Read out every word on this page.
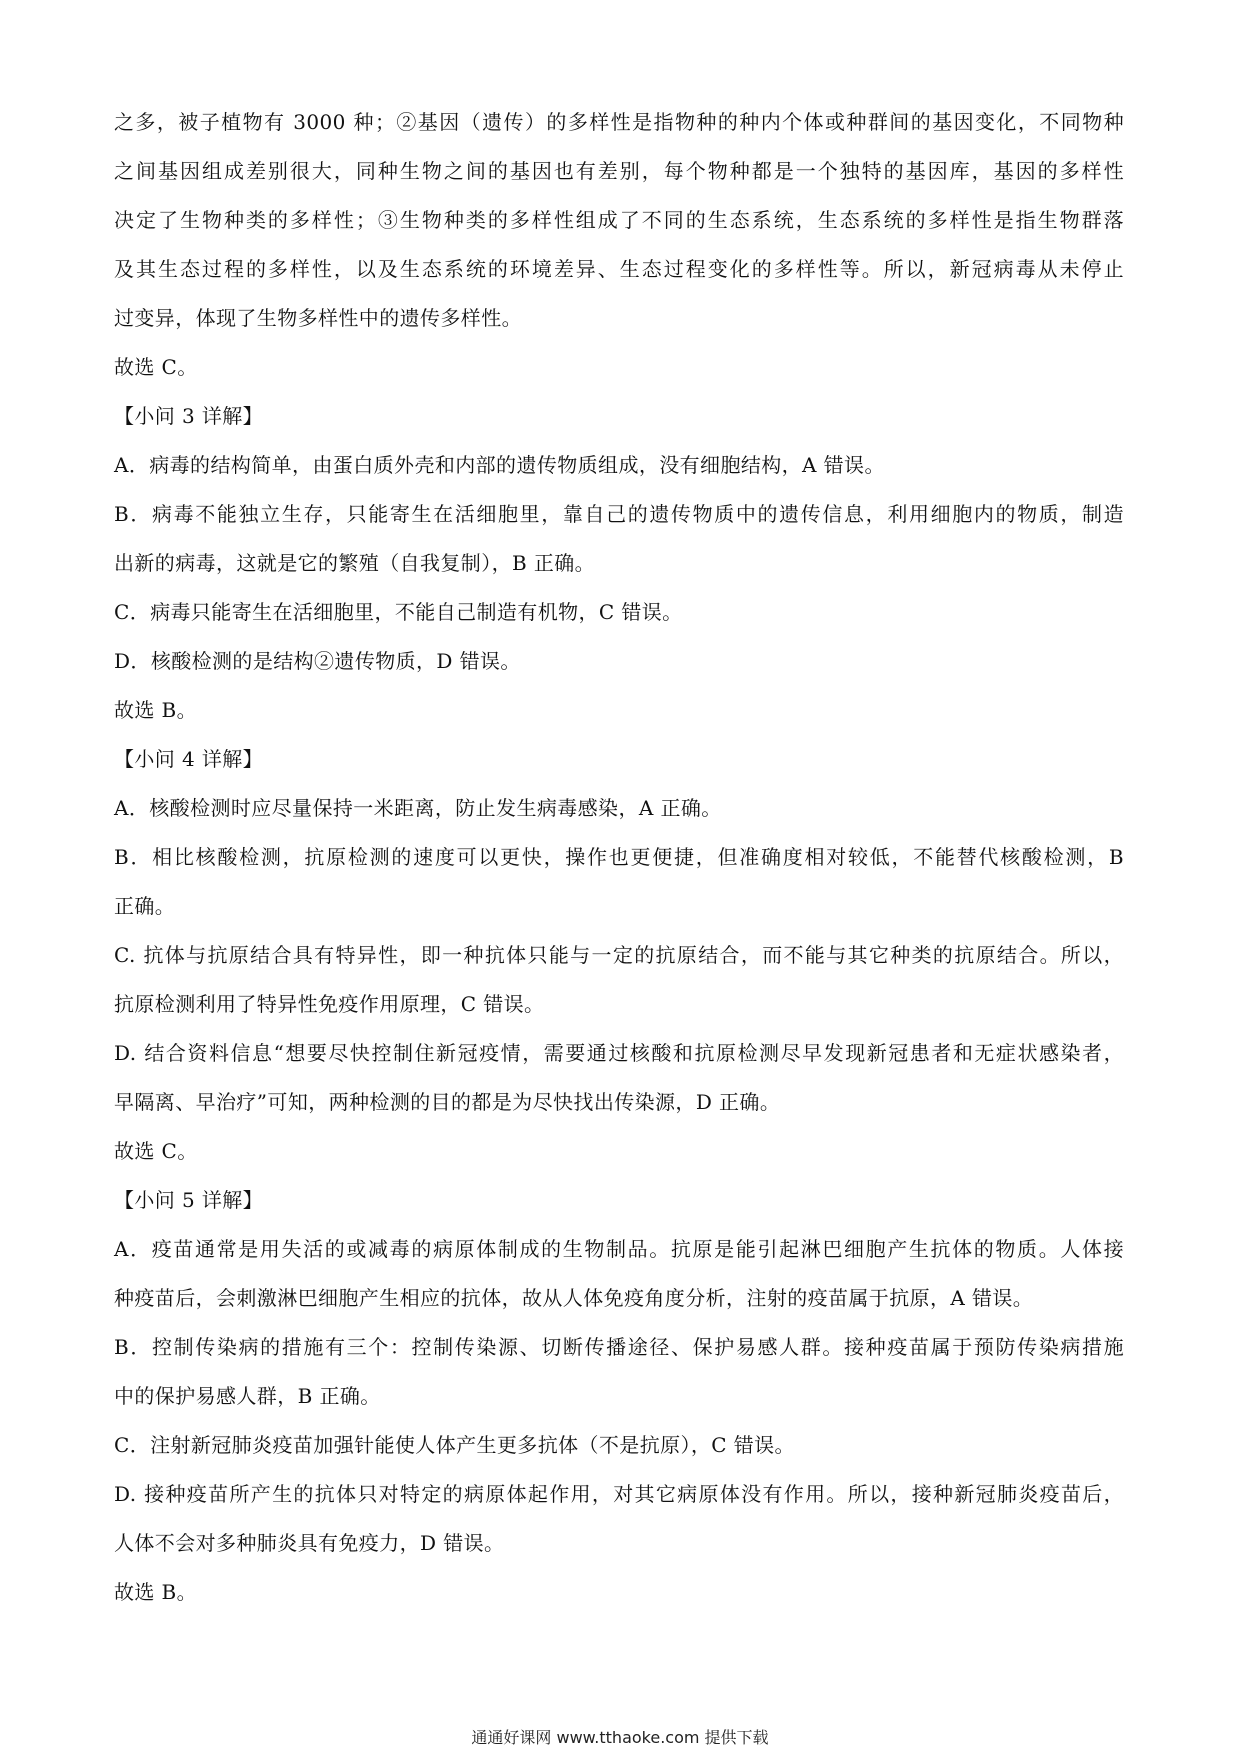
之多，被子植物有 3000 种；②基因（遗传）的多样性是指物种的种内个体或种群间的基因变化，不同物种
之间基因组成差别很大，同种生物之间的基因也有差别，每个物种都是一个独特的基因库，基因的多样性
决定了生物种类的多样性；③生物种类的多样性组成了不同的生态系统，生态系统的多样性是指生物群落
及其生态过程的多样性，以及生态系统的环境差异、生态过程变化的多样性等。所以，新冠病毒从未停止
过变异，体现了生物多样性中的遗传多样性。
故选 C。
【小问 3 详解】
A．病毒的结构简单，由蛋白质外壳和内部的遗传物质组成，没有细胞结构，A 错误。
B．病毒不能独立生存，只能寄生在活细胞里，靠自己的遗传物质中的遗传信息，利用细胞内的物质，制造
出新的病毒，这就是它的繁殖（自我复制），B 正确。
C．病毒只能寄生在活细胞里，不能自己制造有机物，C 错误。
D．核酸检测的是结构②遗传物质，D 错误。
故选 B。
【小问 4 详解】
A．核酸检测时应尽量保持一米距离，防止发生病毒感染，A 正确。
B．相比核酸检测，抗原检测的速度可以更快，操作也更便捷，但准确度相对较低，不能替代核酸检测，B
正确。
C. 抗体与抗原结合具有特异性，即一种抗体只能与一定的抗原结合，而不能与其它种类的抗原结合。所以，
抗原检测利用了特异性免疫作用原理，C 错误。
D. 结合资料信息“想要尽快控制住新冠疫情，需要通过核酸和抗原检测尽早发现新冠患者和无症状感染者，
早隔离、早治疗”可知，两种检测的目的都是为尽快找出传染源，D 正确。
故选 C。
【小问 5 详解】
A．疫苗通常是用失活的或减毒的病原体制成的生物制品。抗原是能引起淋巴细胞产生抗体的物质。人体接
种疫苗后，会刺激淋巴细胞产生相应的抗体，故从人体免疫角度分析，注射的疫苗属于抗原，A 错误。
B．控制传染病的措施有三个：控制传染源、切断传播途径、保护易感人群。接种疫苗属于预防传染病措施
中的保护易感人群，B 正确。
C．注射新冠肺炎疫苗加强针能使人体产生更多抗体（不是抗原），C 错误。
D. 接种疫苗所产生的抗体只对特定的病原体起作用，对其它病原体没有作用。所以，接种新冠肺炎疫苗后，
人体不会对多种肺炎具有免疫力，D 错误。
故选 B。
通通好课网 www.tthaoke.com 提供下载
